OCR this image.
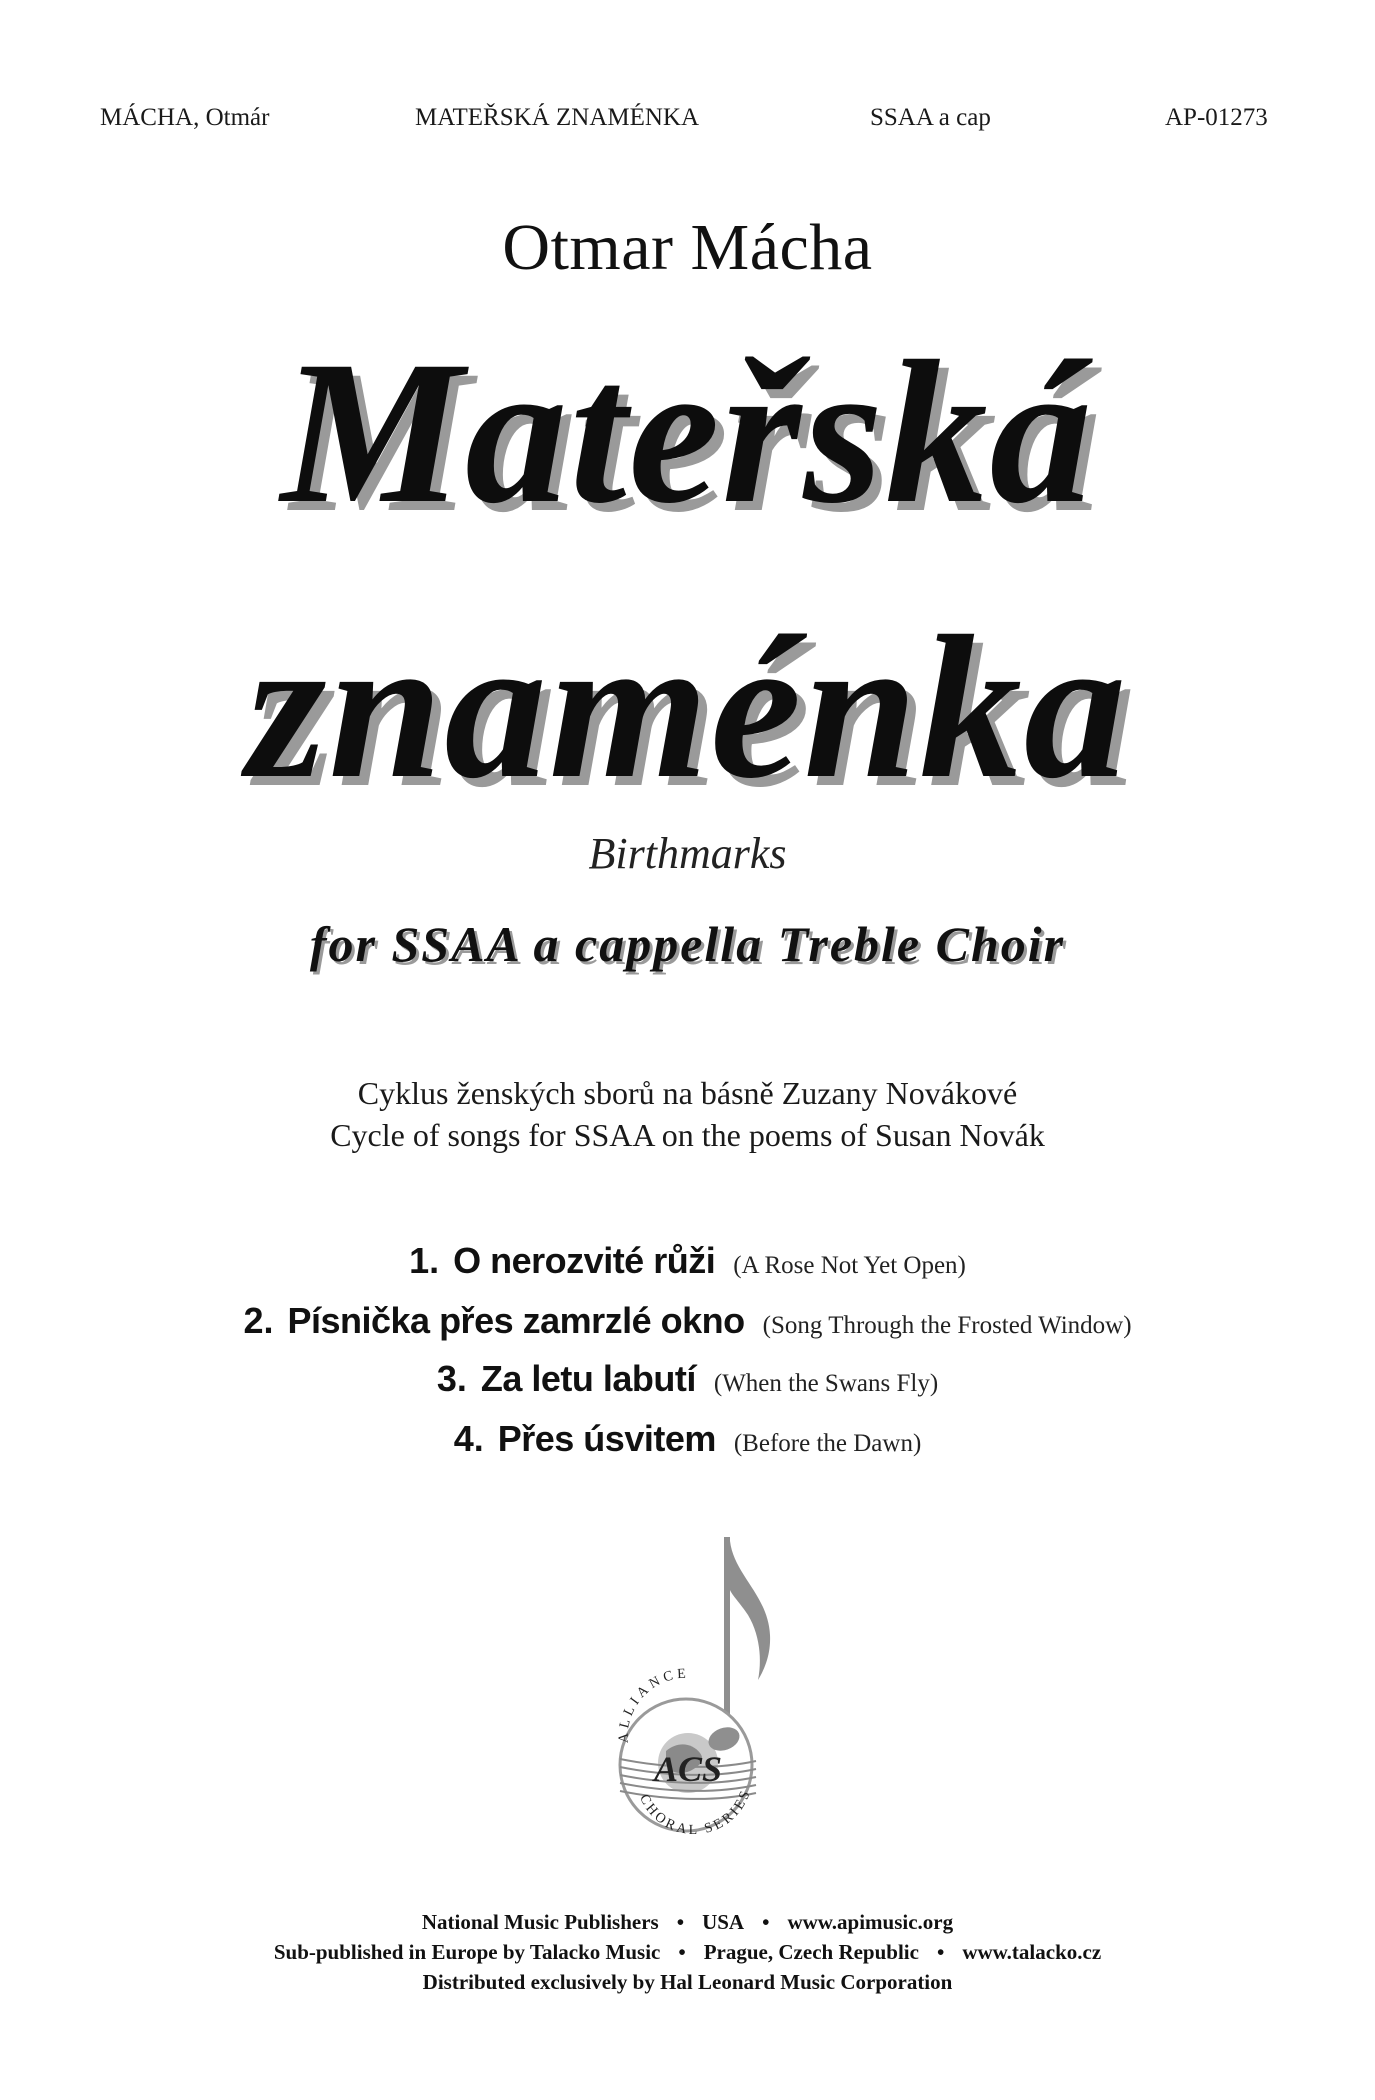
MÁCHA, Otmár	MATEŘSKÁ ZNAMÉNKA	SSAA a cap	AP-01273
Otmar Mácha
Mateřská
znaménka
Birthmarks
for SSAA a cappella Treble Choir
Cyklus ženských sborů na básně Zuzany Novákové
Cycle of songs for SSAA on the poems of Susan Novák
1. O nerozvité růži (A Rose Not Yet Open)
2. Písnička přes zamrzlé okno (Song Through the Frosted Window)
3. Za letu labutí (When the Swans Fly)
4. Přes úsvitem (Before the Dawn)
ACS
ALLIANCE
CHORAL SERIES
National Music Publishers • USA • www.apimusic.org
Sub-published in Europe by Talacko Music • Prague, Czech Republic • www.talacko.cz
Distributed exclusively by Hal Leonard Music Corporation
